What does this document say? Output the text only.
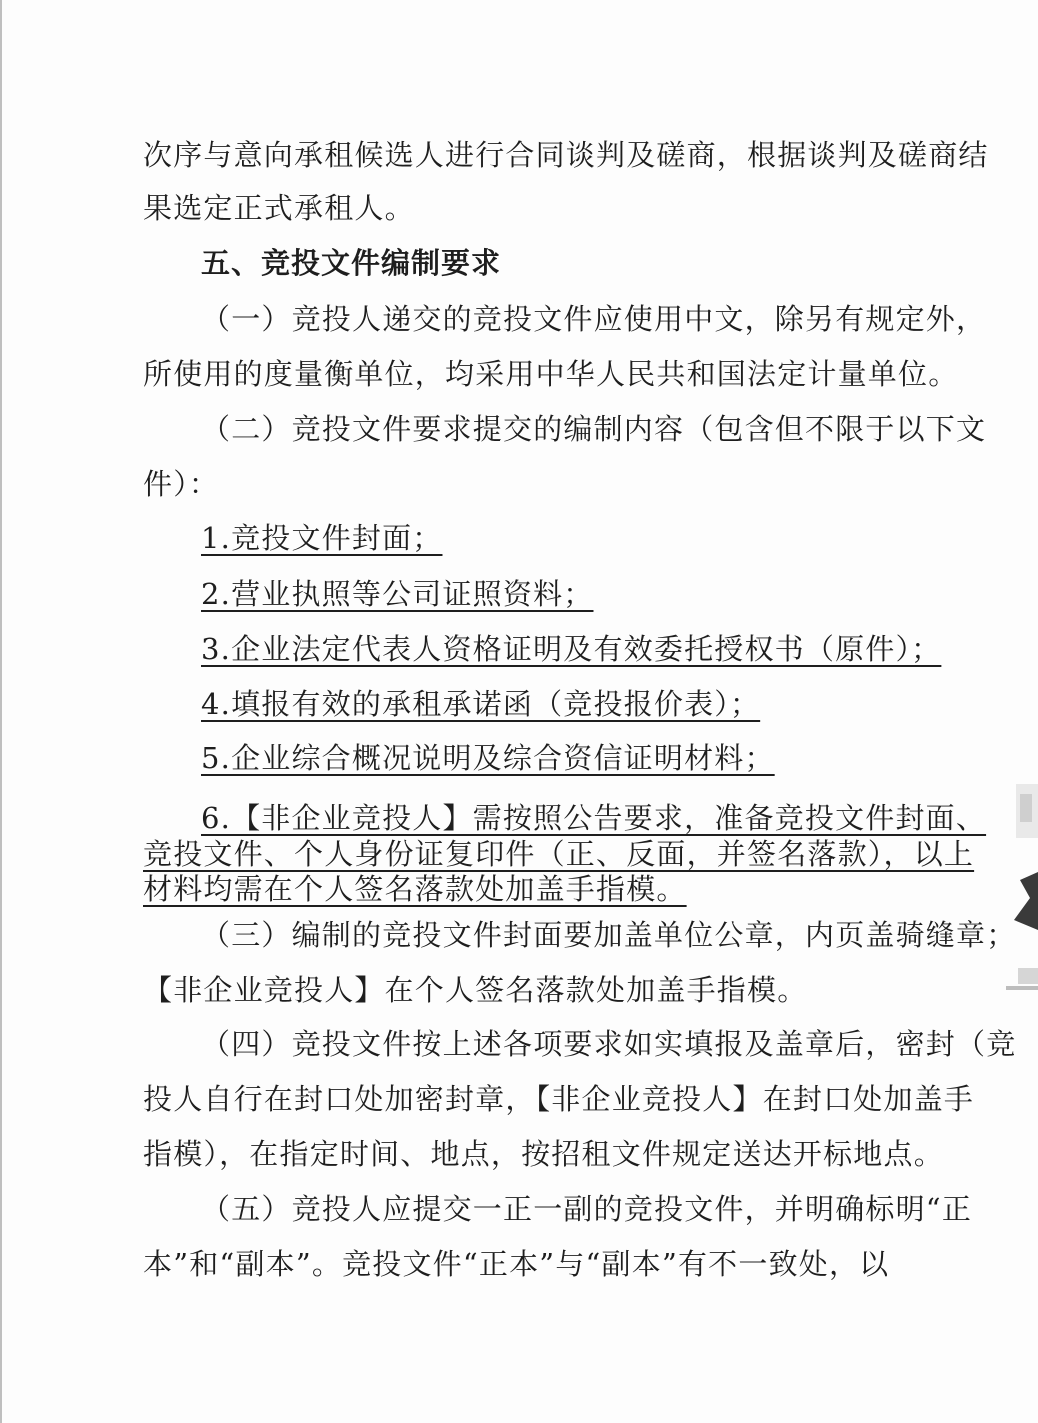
次序与意向承租候选人进行合同谈判及磋商，根据谈判及磋商结
果选定正式承租人。
五、竞投文件编制要求
（一）竞投人递交的竞投文件应使用中文，除另有规定外，
所使用的度量衡单位，均采用中华人民共和国法定计量单位。
（二）竞投文件要求提交的编制内容（包含但不限于以下文
件）：
1.竞投文件封面；
2.营业执照等公司证照资料；
3.企业法定代表人资格证明及有效委托授权书（原件）；
4.填报有效的承租承诺函（竞投报价表）；
5.企业综合概况说明及综合资信证明材料；
6.【非企业竞投人】需按照公告要求，准备竞投文件封面、
竞投文件、个人身份证复印件（正、反面，并签名落款），以上
材料均需在个人签名落款处加盖手指模。
（三）编制的竞投文件封面要加盖单位公章，内页盖骑缝章；
【非企业竞投人】在个人签名落款处加盖手指模。
（四）竞投文件按上述各项要求如实填报及盖章后，密封（竞
投人自行在封口处加密封章，【非企业竞投人】在封口处加盖手
指模），在指定时间、地点，按招租文件规定送达开标地点。
（五）竞投人应提交一正一副的竞投文件，并明确标明“正
本”和“副本”。竞投文件“正本”与“副本”有不一致处，以
